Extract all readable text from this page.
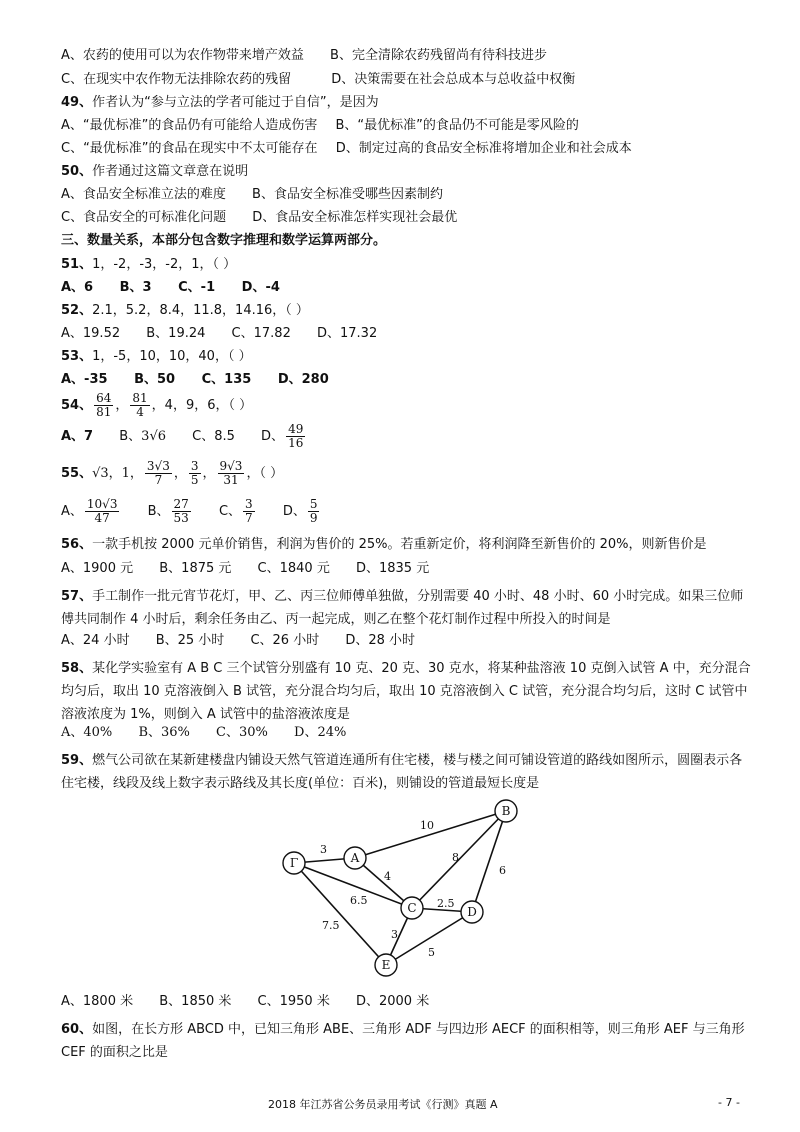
A、农药的使用可以为农作物带来增产效益 B、完全清除农药残留尚有待科技进步
C、在现实中农作物无法排除农药的残留	D、决策需要在社会总成本与总收益中权衡
49、作者认为“参与立法的学者可能过于自信”，是因为
A、“最优标准”的食品仍有可能给人造成伤害 B、“最优标准”的食品仍不可能是零风险的
C、“最优标准”的食品在现实中不太可能存在 D、制定过高的食品安全标准将增加企业和社会成本
50、作者通过这篇文章意在说明
A、食品安全标准立法的难度 B、食品安全标准受哪些因素制约
C、食品安全的可标准化问题 D、食品安全标准怎样实现社会最优
三、数量关系，本部分包含数字推理和数学运算两部分。
51、1，-2，-3，-2，1，（ ）
A、6 B、3 C、-1 D、-4
52、2.1，5.2，8.4，11.8，14.16，（ ）
A、19.52 B、19.24 C、17.82 D、17.32
53、1，-5，10，10，40，（ ）
A、-35 B、50 C、135 D、280
54、 $\frac{64}{81}$ ， $\frac{81}{4}$ ，4，9，6，（ ）
A、7 B、3√6 C、8.5 D、 $\frac{49}{16}$
55、√3，1， $\frac{3√3}{7}$ ， $\frac{3}{5}$ ， $\frac{9√3}{31}$ ，（ ）
A、 $\frac{10√3}{47}$ B、 $\frac{27}{53}$ C、 $\frac{3}{7}$ D、 $\frac{5}{9}$
56、一款手机按 2000 元单价销售，利润为售价的 25%。若重新定价，将利润降至新售价的 20%，则新售价是
A、1900 元 B、1875 元 C、1840 元 D、1835 元
57、手工制作一批元宵节花灯，甲、乙、丙三位师傅单独做，分别需要 40 小时、48 小时、60 小时完成。如果三位师傅共同制作 4 小时后，剩余任务由乙、丙一起完成，则乙在整个花灯制作过程中所投入的时间是
A、24 小时 B、25 小时 C、26 小时 D、28 小时
58、某化学实验室有 A B C 三个试管分别盛有 10 克、20 克、30 克水，将某种盐溶液 10 克倒入试管 A 中，充分混合均匀后，取出 10 克溶液倒入 B 试管，充分混合均匀后，取出 10 克溶液倒入 C 试管，充分混合均匀后，这时 C 试管中溶液浓度为 1%，则倒入 A 试管中的盐溶液浓度是
A、40% B、36% C、30% D、24%
59、燃气公司欲在某新建楼盘内铺设天然气管道连通所有住宅楼，楼与楼之间可铺设管道的路线如图所示，圆圈表示各住宅楼，线段及线上数字表示路线及其长度(单位：百米)，则铺设的管道最短长度是
3
10
4
8
6
6.5	2.5
7.5
3
5
Γ	A
B
C	D
E
A、1800 米 B、1850 米 C、1950 米 D、2000 米
60、如图，在长方形 ABCD 中，已知三角形 ABE、三角形 ADF 与四边形 AECF 的面积相等，则三角形 AEF 与三角形 CEF 的面积之比是
2018 年江苏省公务员录用考试《行测》真题 A	- 7 -
